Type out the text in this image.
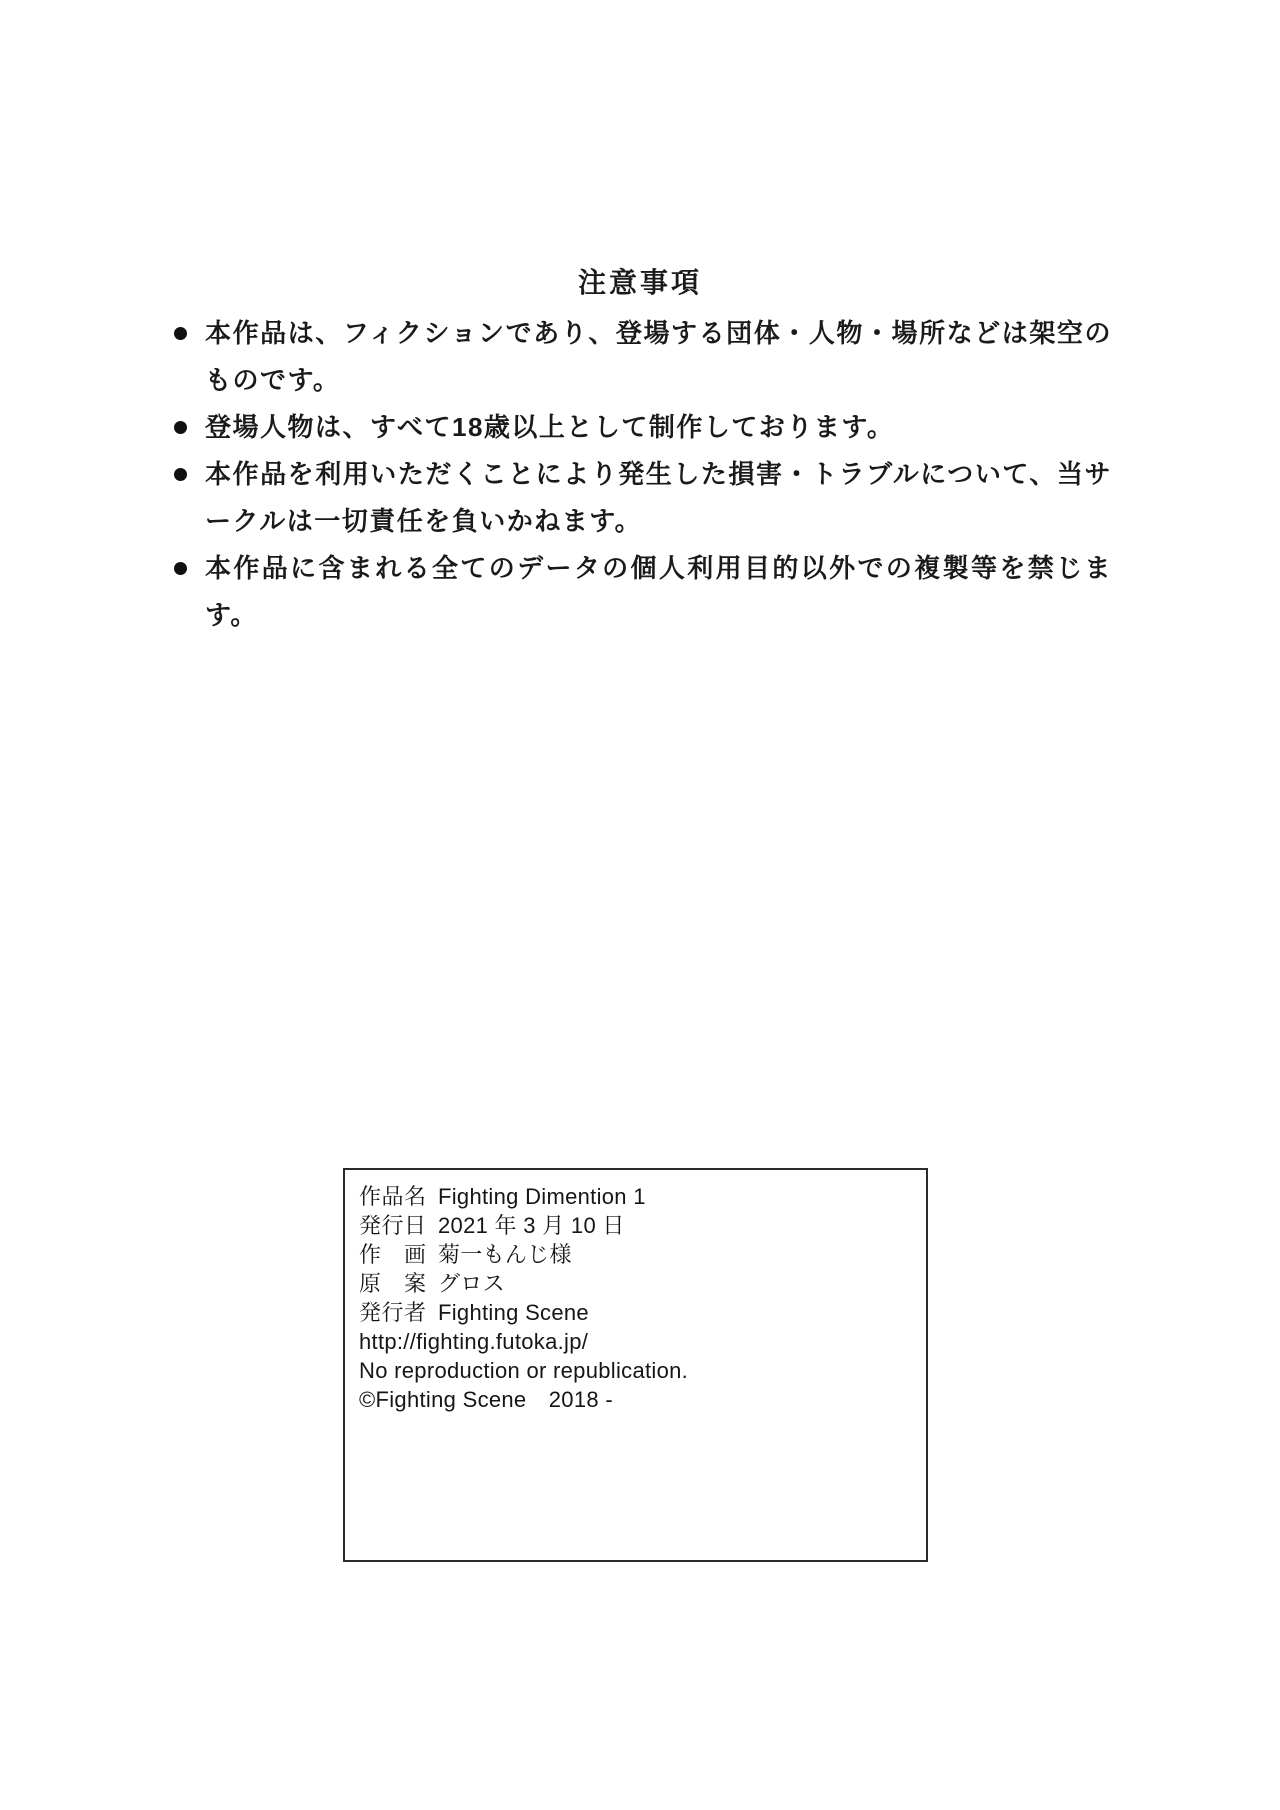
注意事項
本作品は、フィクションであり、登場する団体・人物・場所などは架空のものです。
登場人物は、すべて18歳以上として制作しております。
本作品を利用いただくことにより発生した損害・トラブルについて、当サークルは一切責任を負いかねます。
本作品に含まれる全てのデータの個人利用目的以外での複製等を禁じます。
作品名 Fighting Dimention 1
発行日 2021 年 3 月 10 日
作　画 菊一もんじ様
原　案 グロス
発行者 Fighting Scene
http://fighting.futoka.jp/
No reproduction or republication.
©Fighting Scene　2018 -
